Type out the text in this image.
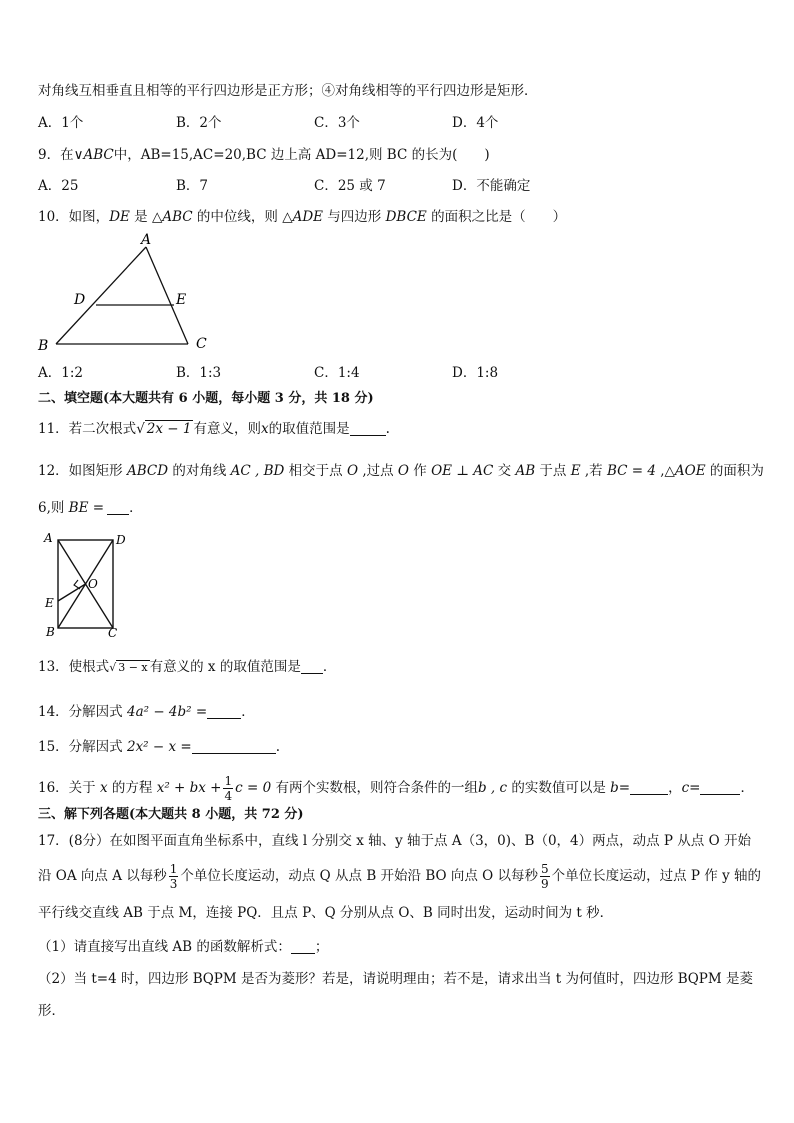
对角线互相垂直且相等的平行四边形是正方形；④对角线相等的平行四边形是矩形．
A．1个	B．2个	C．3个	D．4个
9．在∨ABC中，AB=15,AC=20,BC 边上高 AD=12,则 BC 的长为(　　)
A．25	B．7	C．25 或 7	D．不能确定
10．如图，DE 是 △ABC 的中位线，则 △ADE 与四边形 DBCE 的面积之比是（　　）
A
D	E
B	C
A．1:2	B．1:3	C．1:4	D．1:8
二、填空题(本大题共有 6 小题，每小题 3 分，共 18 分)
11．若二次根式√ 2x − 1 有意义，则x的取值范围是	.
12．如图矩形 ABCD 的对角线 AC , BD 相交于点 O ,过点 O 作 OE ⊥ AC 交 AB 于点 E ,若 BC = 4 ,△AOE 的面积为
6,则 BE = ．
A	D
O
E
B	C
13．使根式√ 3 − x 有意义的 x 的取值范围是 ．
14．分解因式 4a² − 4b² =	．
15．分解因式 2x² − x =	.
16．关于 x 的方程 x² + bx + $\frac{1}{4}$ c = 0 有两个实数根，则符合条件的一组b , c 的实数值可以是 b=	，c=	．
三、解下列各题(本大题共 8 小题，共 72 分)
17．(8分）在如图平面直角坐标系中，直线 l 分别交 x 轴、y 轴于点 A（3，0)、B（0，4）两点，动点 P 从点 O 开始
沿 OA 向点 A 以每秒 $\frac{1}{3}$ 个单位长度运动，动点 Q 从点 B 开始沿 BO 向点 O 以每秒 $\frac{5}{9}$ 个单位长度运动，过点 P 作 y 轴的
平行线交直线 AB 于点 M，连接 PQ．且点 P、Q 分别从点 O、B 同时出发，运动时间为 t 秒．
（1）请直接写出直线 AB 的函数解析式： ；
（2）当 t=4 时，四边形 BQPM 是否为菱形？若是，请说明理由；若不是，请求出当 t 为何值时，四边形 BQPM 是菱
形．
